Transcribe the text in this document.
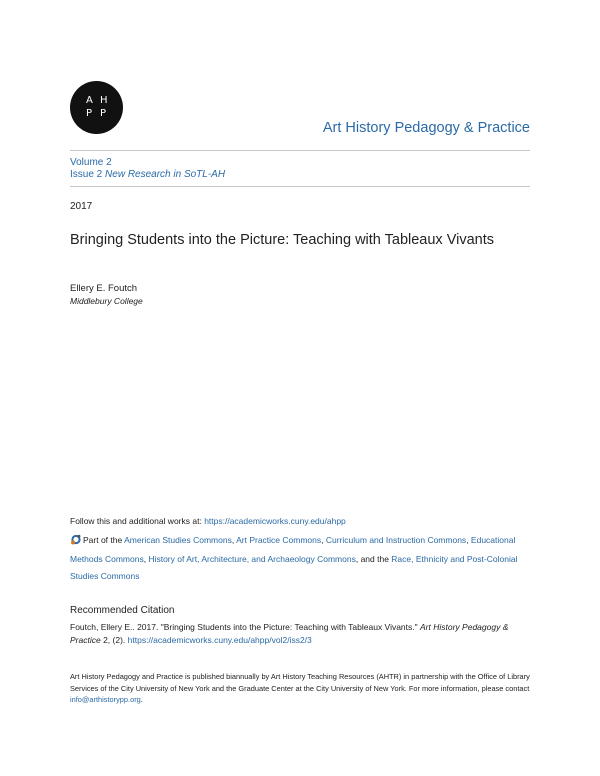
A H
P P
Art History Pedagogy & Practice
Volume 2
Issue 2 New Research in SoTL-AH
2017
Bringing Students into the Picture: Teaching with Tableaux Vivants
Ellery E. Foutch
Middlebury College
Follow this and additional works at: https://academicworks.cuny.edu/ahpp
Part of the American Studies Commons, Art Practice Commons, Curriculum and Instruction Commons, Educational Methods Commons, History of Art, Architecture, and Archaeology Commons, and the Race, Ethnicity and Post-Colonial Studies Commons
Recommended Citation
Foutch, Ellery E.. 2017. "Bringing Students into the Picture: Teaching with Tableaux Vivants." Art History Pedagogy & Practice 2, (2). https://academicworks.cuny.edu/ahpp/vol2/iss2/3
Art History Pedagogy and Practice is published biannually by Art History Teaching Resources (AHTR) in partnership with the Office of Library Services of the City University of New York and the Graduate Center at the City University of New York. For more information, please contact info@arthistorypp.org.
